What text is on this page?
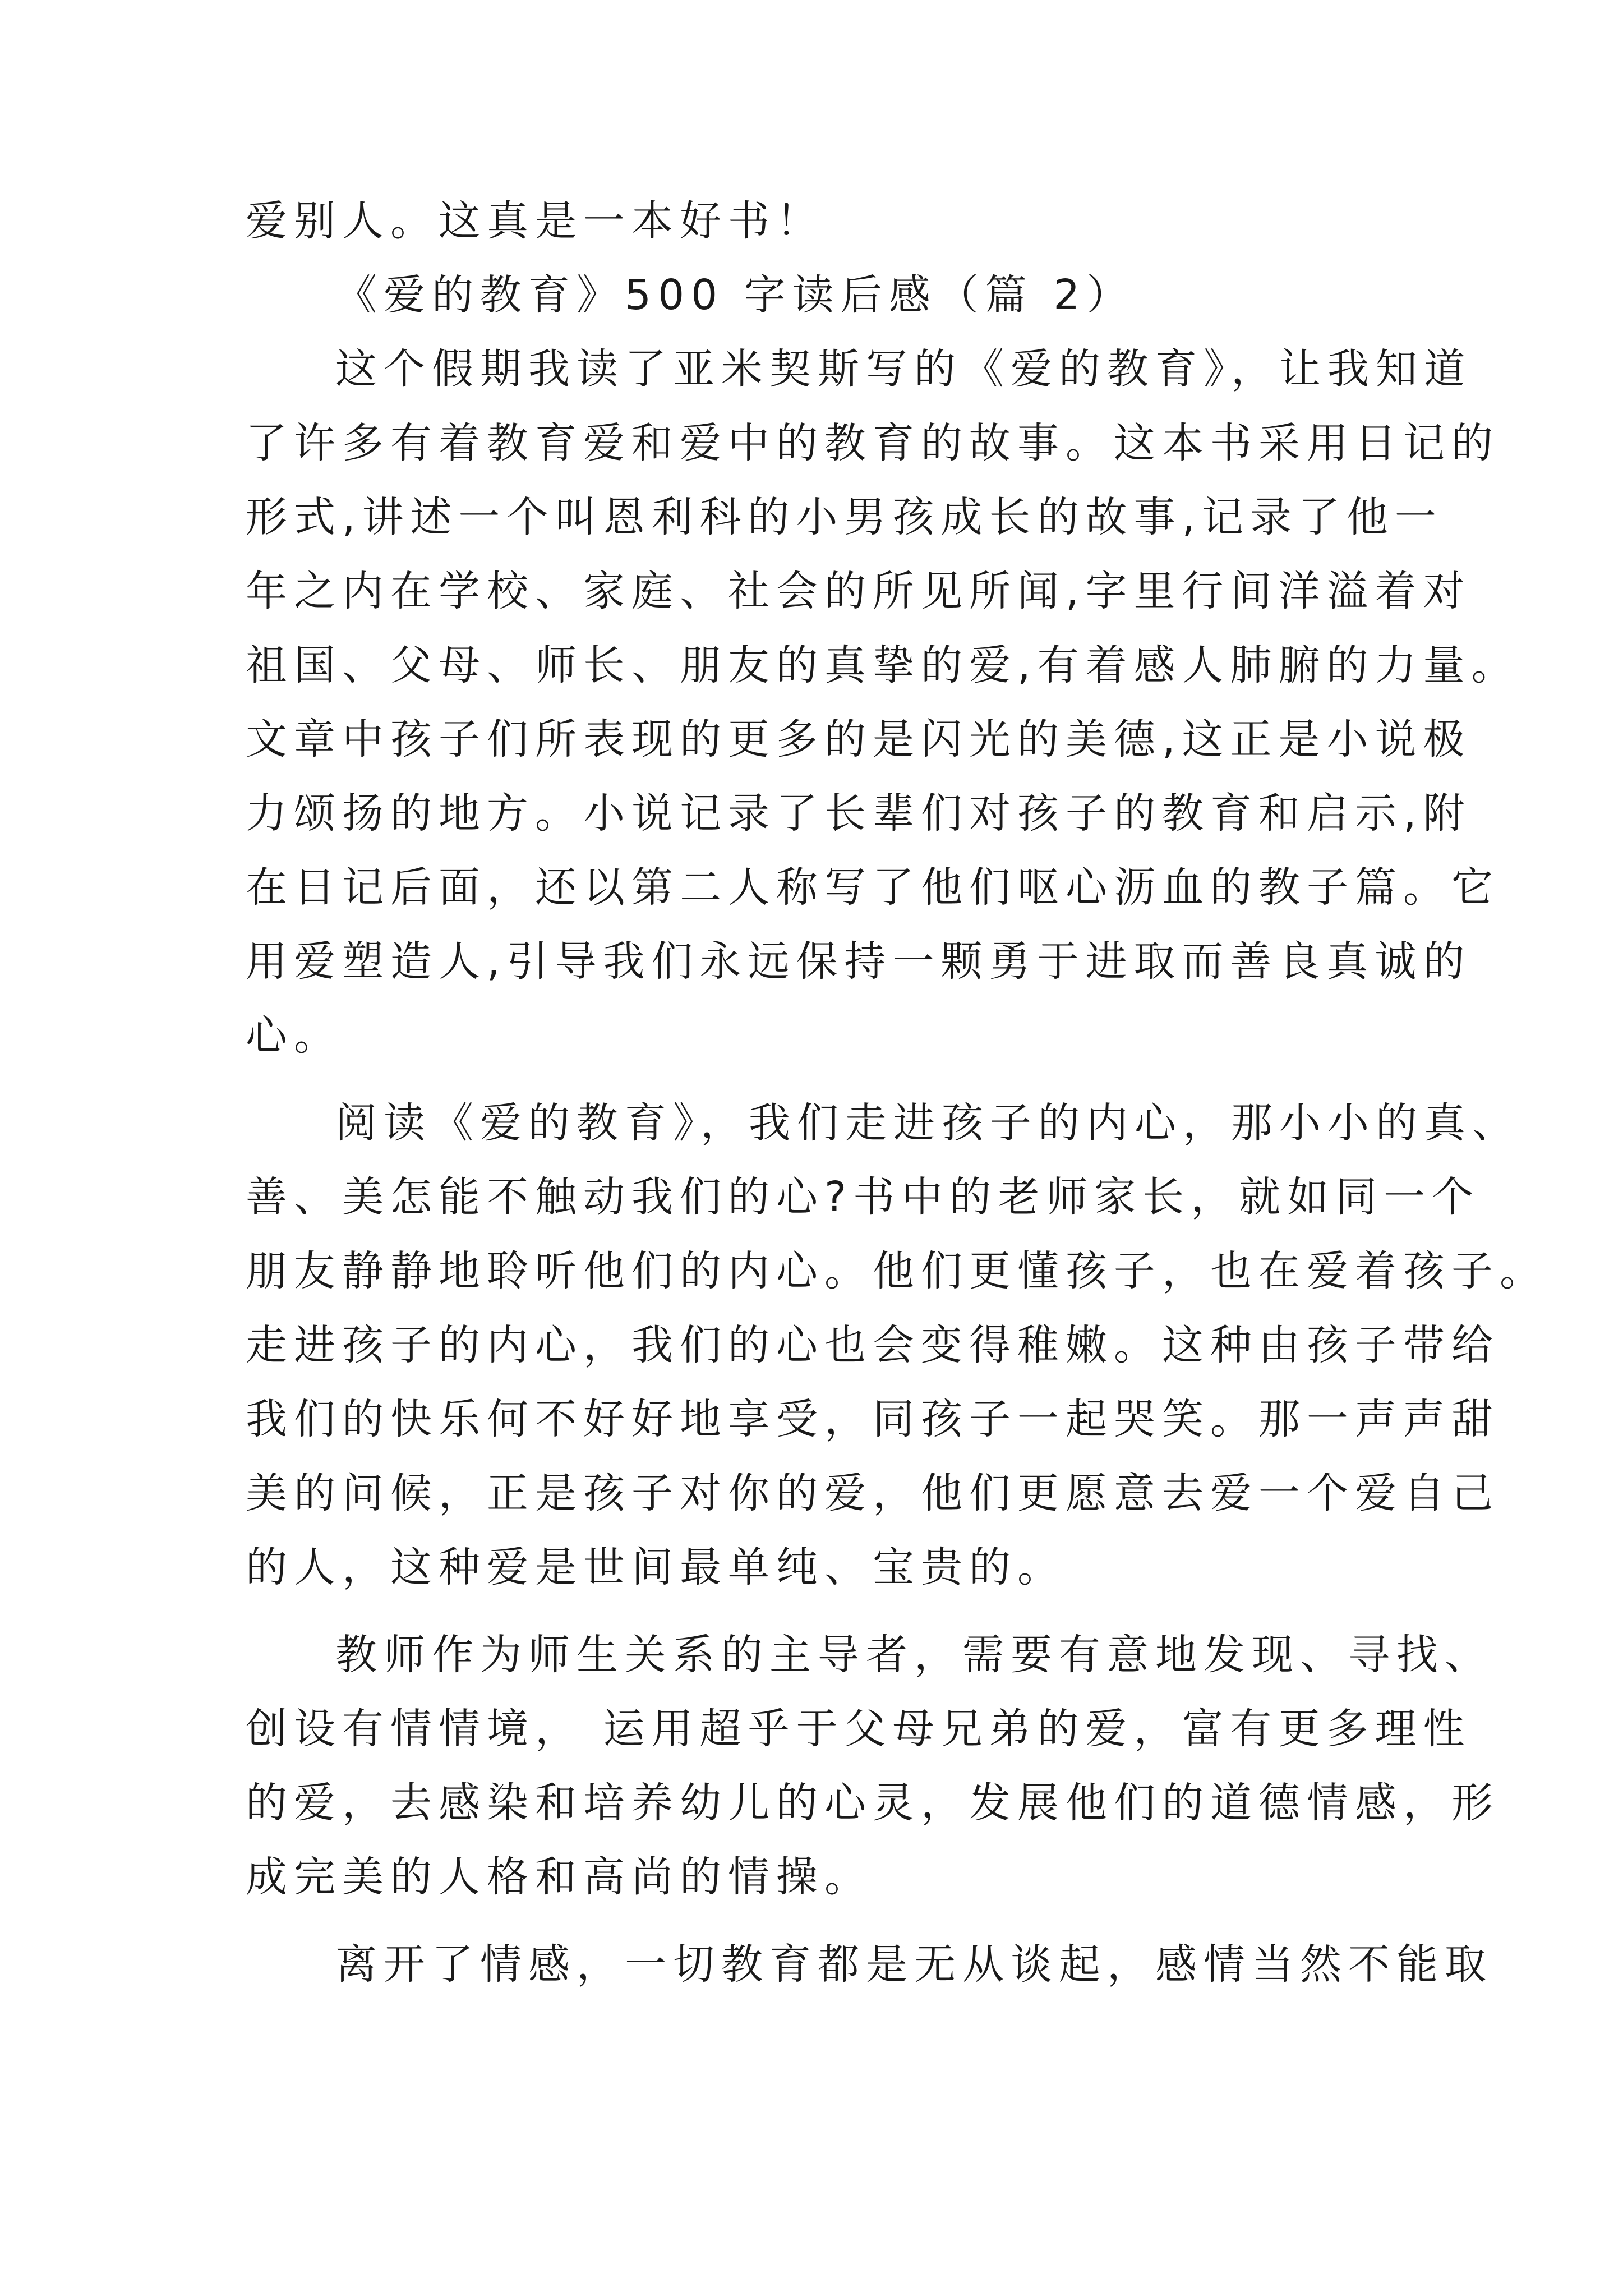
爱别人。这真是一本好书！
《爱的教育》500 字读后感（篇 2）
这个假期我读了亚米契斯写的《爱的教育》，让我知道
了许多有着教育爱和爱中的教育的故事。这本书采用日记的
形式,讲述一个叫恩利科的小男孩成长的故事,记录了他一
年之内在学校、家庭、社会的所见所闻,字里行间洋溢着对
祖国、父母、师长、朋友的真挚的爱,有着感人肺腑的力量。
文章中孩子们所表现的更多的是闪光的美德,这正是小说极
力颂扬的地方。小说记录了长辈们对孩子的教育和启示,附
在日记后面，还以第二人称写了他们呕心沥血的教子篇。它
用爱塑造人,引导我们永远保持一颗勇于进取而善良真诚的
心。
阅读《爱的教育》，我们走进孩子的内心，那小小的真、
善、美怎能不触动我们的心?书中的老师家长，就如同一个
朋友静静地聆听他们的内心。他们更懂孩子，也在爱着孩子。
走进孩子的内心，我们的心也会变得稚嫩。这种由孩子带给
我们的快乐何不好好地享受，同孩子一起哭笑。那一声声甜
美的问候，正是孩子对你的爱，他们更愿意去爱一个爱自己
的人，这种爱是世间最单纯、宝贵的。
教师作为师生关系的主导者，需要有意地发现、寻找、
创设有情情境， 运用超乎于父母兄弟的爱，富有更多理性
的爱，去感染和培养幼儿的心灵，发展他们的道德情感，形
成完美的人格和高尚的情操。
离开了情感，一切教育都是无从谈起，感情当然不能取
